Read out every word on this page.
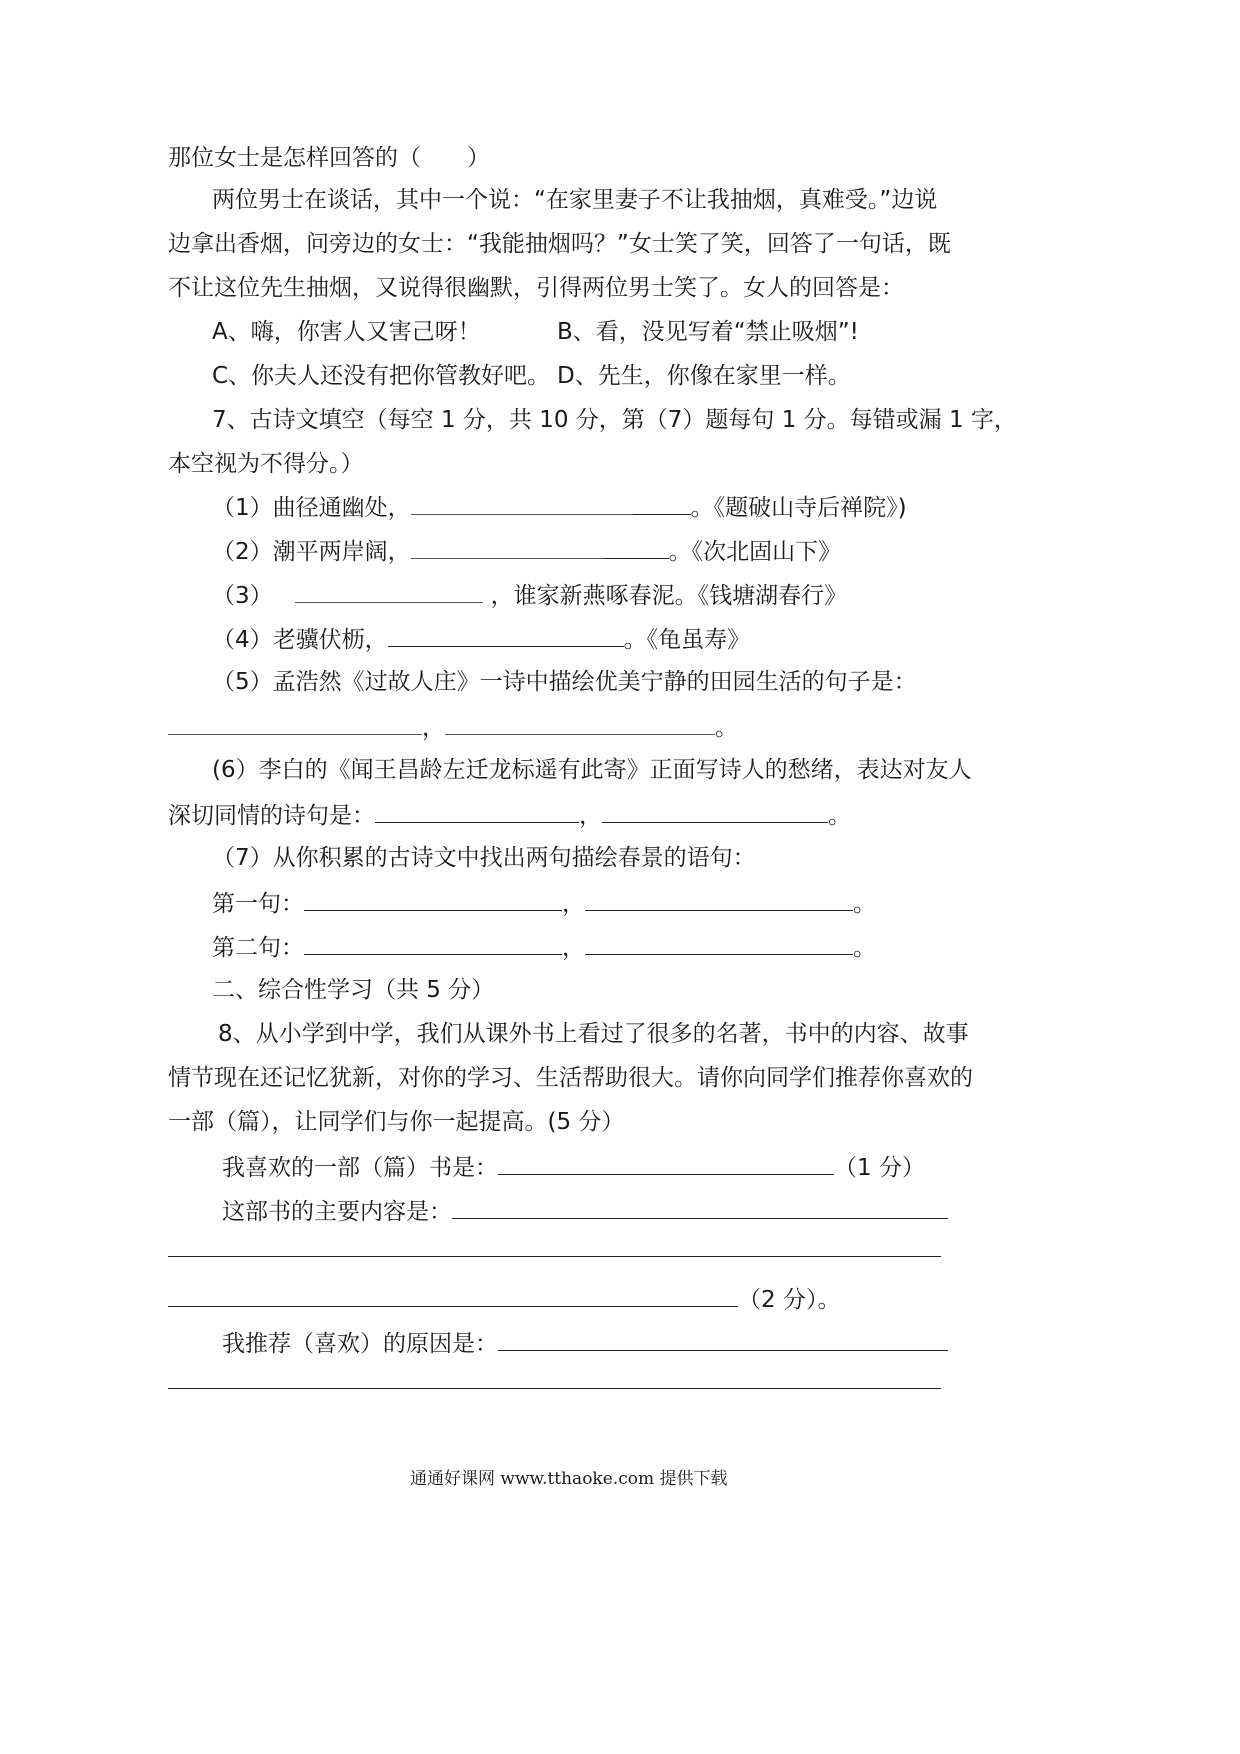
那位女士是怎样回答的（　　）
两位男士在谈话，其中一个说：“在家里妻子不让我抽烟，真难受。”边说
边拿出香烟，问旁边的女士：“我能抽烟吗？”女士笑了笑，回答了一句话，既
不让这位先生抽烟，又说得很幽默，引得两位男士笑了。女人的回答是：
A、嗨，你害人又害己呀！	B、看，没见写着“禁止吸烟”!
C、你夫人还没有把你管教好吧。 D、先生，你像在家里一样。
7、古诗文填空（每空 1 分，共 10 分，第（7）题每句 1 分。每错或漏 1 字，
本空视为不得分。）
（1）曲径通幽处，	。《题破山寺后禅院》)
（2）潮平两岸阔，	。《次北固山下》
（3）	，谁家新燕啄春泥。《钱塘湖春行》
（4）老骥伏枥，	。《龟虽寿》
（5）孟浩然《过故人庄》一诗中描绘优美宁静的田园生活的句子是：
，	。
(6）李白的《闻王昌龄左迁龙标遥有此寄》正面写诗人的愁绪，表达对友人
深切同情的诗句是：	，	。
（7）从你积累的古诗文中找出两句描绘春景的语句：
第一句：	，	。
第二句：	，	。
二、综合性学习（共 5 分）
8、从小学到中学，我们从课外书上看过了很多的名著，书中的内容、故事
情节现在还记忆犹新，对你的学习、生活帮助很大。请你向同学们推荐你喜欢的
一部（篇），让同学们与你一起提高。(5 分）
我喜欢的一部（篇）书是：	（1 分）
这部书的主要内容是：
（2 分）。
我推荐（喜欢）的原因是：
通通好课网 www.tthaoke.com 提供下载
